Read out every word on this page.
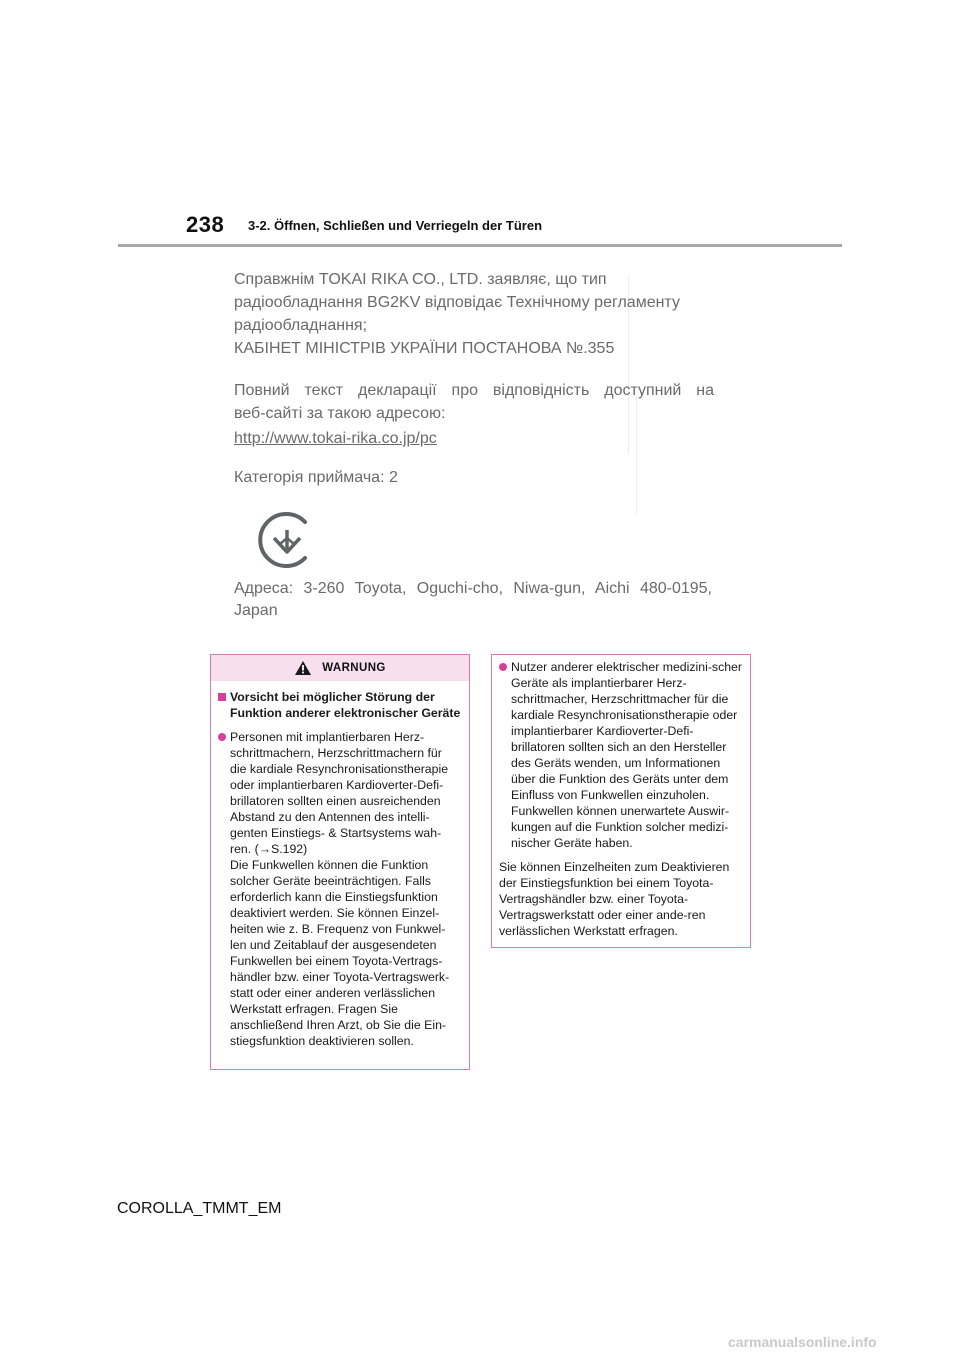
238 3-2. Öffnen, Schließen und Verriegeln der Türen

Справжнім TOKAI RIKA CO., LTD. заявляє, що тип

радіообладнання BG2KV відповідає Технічному регламенту

радіообладнання;

КАБІНЕТ МІНІСТРІВ УКРАЇНИ ПОСТАНОВА №.355

Повний текст декларації про відповідність доступний на

веб-сайті за такою адресою:

http://www.tokai-rika.co.jp/pc

Категорія приймача: 2

Адреса: 3-260 Toyota, Oguchi-cho, Niwa-gun, Aichi 480-0195,
Japan
WARNUNG
Vorsicht bei möglicher Störung der Funktion anderer elektronischer Geräte
Personen mit implantierbaren Herz-schrittmachern, Herzschrittmachern für die kardiale Resynchronisationstherapie oder implantierbaren Kardioverter-Defi-brillatoren sollten einen ausreichenden Abstand zu den Antennen des intelli-genten Einstiegs- & Startsystems wah-ren. (→S.192)
Die Funkwellen können die Funktion solcher Geräte beeinträchtigen. Falls erforderlich kann die Einstiegsfunktion deaktiviert werden. Sie können Einzel-heiten wie z. B. Frequenz von Funkwel-len und Zeitablauf der ausgesendeten Funkwellen bei einem Toyota-Vertrags-händler bzw. einer Toyota-Vertragswerk-statt oder einer anderen verlässlichen Werkstatt erfragen. Fragen Sie anschließend Ihren Arzt, ob Sie die Ein-stiegsfunktion deaktivieren sollen.
Nutzer anderer elektrischer medizini-scher Geräte als implantierbarer Herz-schrittmacher, Herzschrittmacher für die kardiale Resynchronisationstherapie oder implantierbarer Kardioverter-Defi-brillatoren sollten sich an den Hersteller des Geräts wenden, um Informationen über die Funktion des Geräts unter dem Einfluss von Funkwellen einzuholen. Funkwellen können unerwartete Auswir-kungen auf die Funktion solcher medizi-nischer Geräte haben.
Sie können Einzelheiten zum Deaktivieren der Einstiegsfunktion bei einem Toyota-Vertragshändler bzw. einer Toyota-Vertragswerkstatt oder einer ande-ren verlässlichen Werkstatt erfragen.
COROLLA_TMMT_EM
carmanualsonline.info
